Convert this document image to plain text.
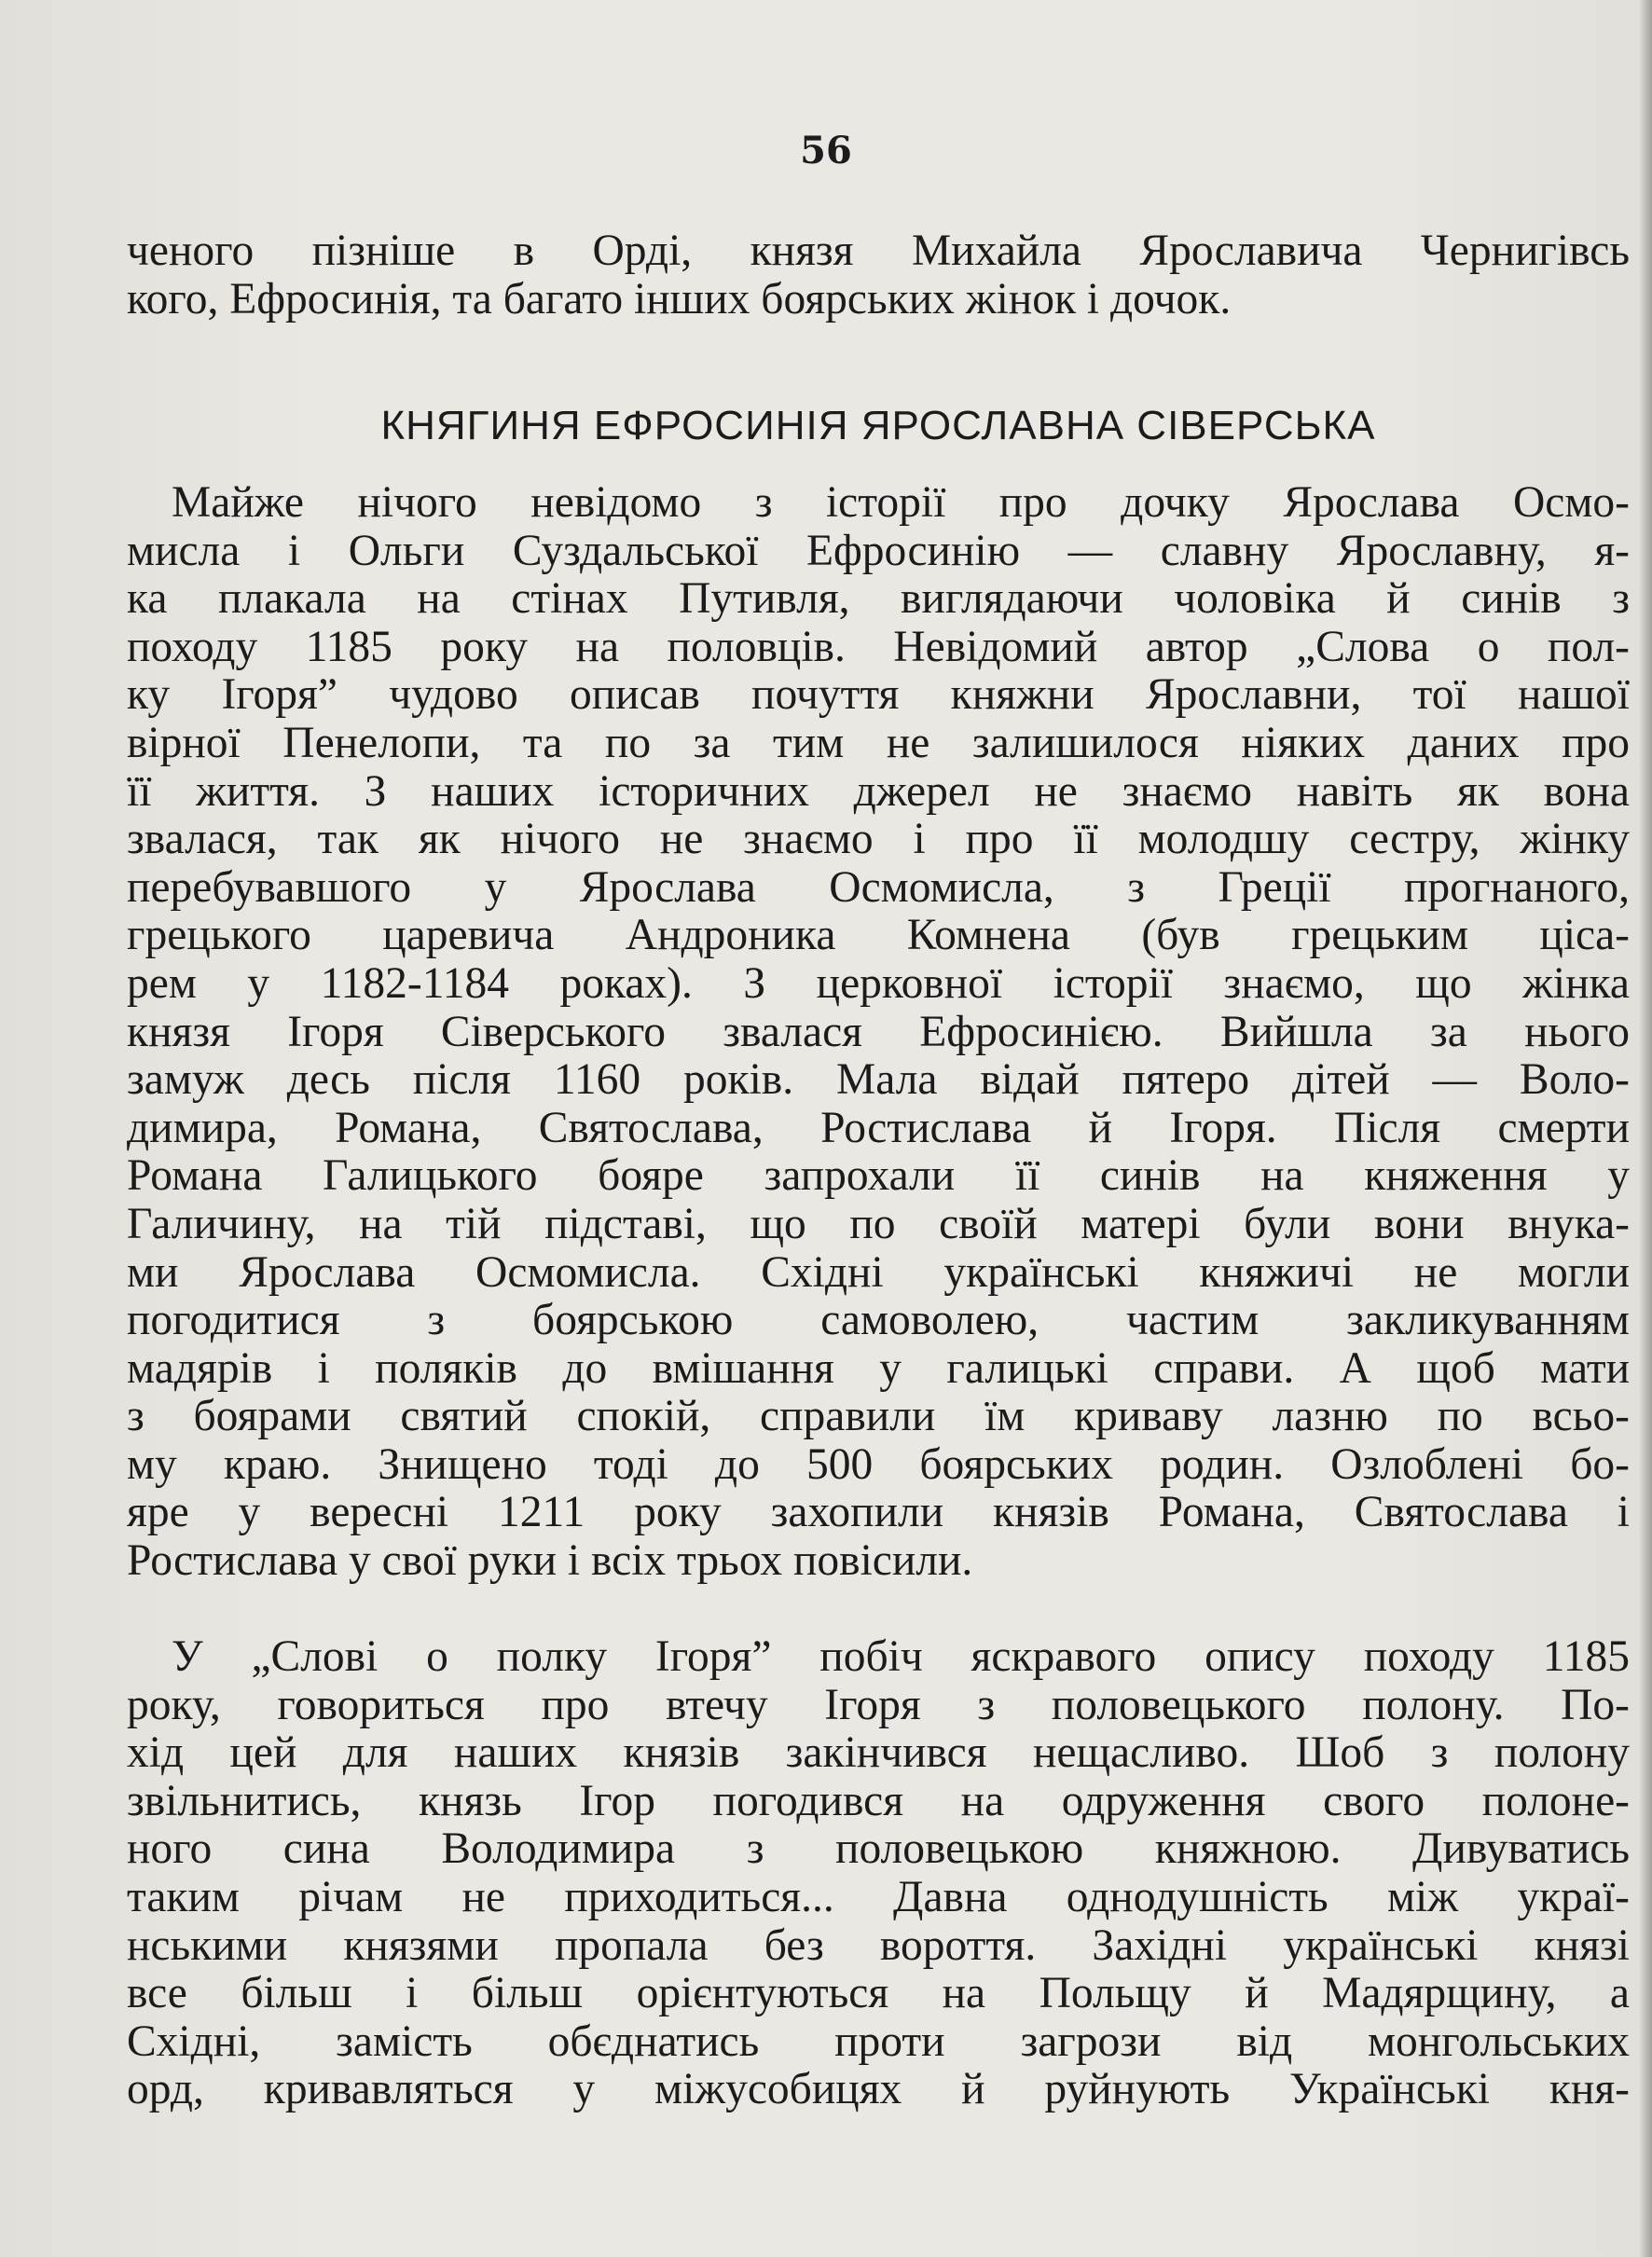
56
ченого пізніше в Орді, князя Михайла Ярославича Чернигівсь
кого, Ефросинія, та багато інших боярських жінок і дочок.
КНЯГИНЯ ЕФРОСИНІЯ ЯРОСЛАВНА СІВЕРСЬКА
Майже нічого невідомо з історії про дочку Ярослава Осмо-
мисла і Ольги Суздальської Ефросинію — славну Ярославну, я-
ка плакала на стінах Путивля, виглядаючи чоловіка й синів з
походу 1185 року на половців. Невідомий автор „Слова о пол-
ку Ігоря” чудово описав почуття княжни Ярославни, тої нашої
вірної Пенелопи, та по за тим не залишилося ніяких даних про
її життя. З наших історичних джерел не знаємо навіть як вона
звалася, так як нічого не знаємо і про її молодшу сестру, жінку
перебувавшого у Ярослава Осмомисла, з Греції прогнаного,
грецького царевича Андроника Комнена (був грецьким цісa-
рем у 1182-1184 роках). З церковної історії знаємо, що жінка
князя Ігоря Сіверського звалася Ефросинією. Вийшла за нього
замуж десь після 1160 років. Мала відай пятеро дітей — Воло-
димира, Романа, Святослава, Ростислава й Ігоря. Після смерти
Романа Галицького бояре запрохали її синів на княження у
Галичину, на тій підставі, що по своїй матері були вони внука-
ми Ярослава Осмомисла. Східні українські княжичі не могли
погодитися з боярською самоволею, частим закликуванням
мадярів і поляків до вмішання у галицькі справи. А щоб мати
з боярами святий спокій, справили їм криваву лазню по всьо-
му краю. Знищено тоді до 500 боярських родин. Озлоблені бо-
яре у вересні 1211 року захопили князів Романа, Святослава і
Ростислава у свої руки і всіх трьох повісили.
У „Слові о полку Ігоря” побіч яскравого опису походу 1185
року, говориться про втечу Ігоря з половецького полону. По-
хід цей для наших князів закінчився нещасливо. Шоб з полону
звільнитись, князь Ігор погодився на одруження свого полоне-
ного сина Володимира з половецькою княжною. Дивуватись
таким річам не приходиться... Давна однодушність між украї-
нськими князями пропала без вороття. Західні українські князі
все більш і більш орієнтуються на Польщу й Мадярщину, а
Східні, замість обєднатись проти загрози від монгольських
орд, кривавляться у міжусобицях й руйнують Українські кня-
